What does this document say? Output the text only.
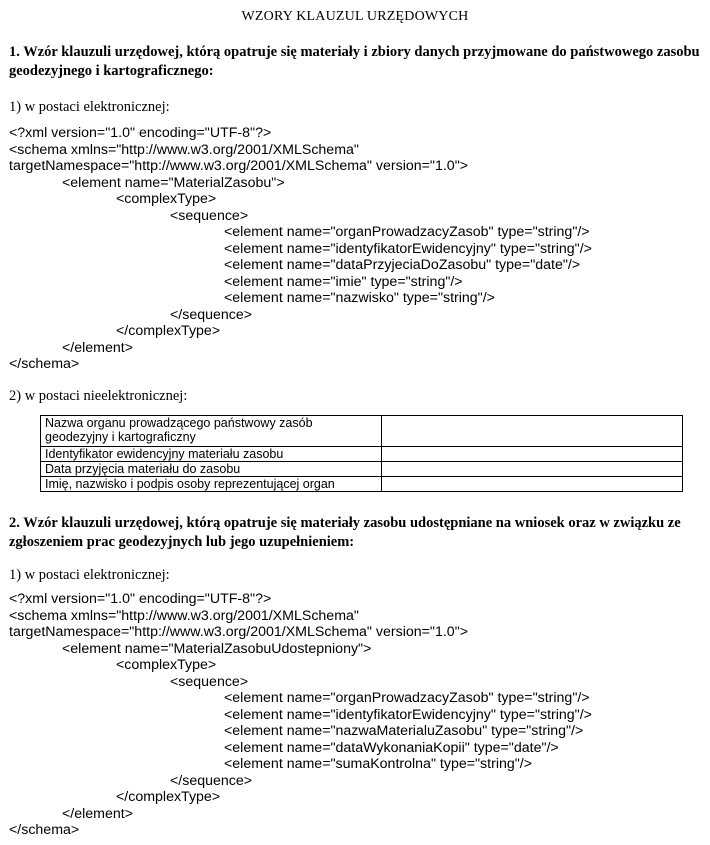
WZORY KLAUZUL URZĘDOWYCH
1. Wzór klauzuli urzędowej, którą opatruje się materiały i zbiory danych przyjmowane do państwowego zasobu geodezyjnego i kartograficznego:
1) w postaci elektronicznej:
<?xml version="1.0" encoding="UTF-8"?>
<schema xmlns="http://www.w3.org/2001/XMLSchema"
targetNamespace="http://www.w3.org/2001/XMLSchema" version="1.0">
<element name="MaterialZasobu">
<complexType>
<sequence>
<element name="organProwadzacyZasob" type="string"/>
<element name="identyfikatorEwidencyjny" type="string"/>
<element name="dataPrzyjeciaDoZasobu" type="date"/>
<element name="imie" type="string"/>
<element name="nazwisko" type="string"/>
</sequence>
</complexType>
</element>
</schema>
2) w postaci nieelektronicznej:
Nazwa organu prowadzącego państwowy zasób geodezyjny i kartograficzny	
Identyfikator ewidencyjny materiału zasobu	
Data przyjęcia materiału do zasobu	
Imię, nazwisko i podpis osoby reprezentującej organ	
2. Wzór klauzuli urzędowej, którą opatruje się materiały zasobu udostępniane na wniosek oraz w związku ze zgłoszeniem prac geodezyjnych lub jego uzupełnieniem:
1) w postaci elektronicznej:
<?xml version="1.0" encoding="UTF-8"?>
<schema xmlns="http://www.w3.org/2001/XMLSchema"
targetNamespace="http://www.w3.org/2001/XMLSchema" version="1.0">
<element name="MaterialZasobuUdostepniony">
<complexType>
<sequence>
<element name="organProwadzacyZasob" type="string"/>
<element name="identyfikatorEwidencyjny" type="string"/>
<element name="nazwaMaterialuZasobu" type="string"/>
<element name="dataWykonaniaKopii" type="date"/>
<element name="sumaKontrolna" type="string"/>
</sequence>
</complexType>
</element>
</schema>
